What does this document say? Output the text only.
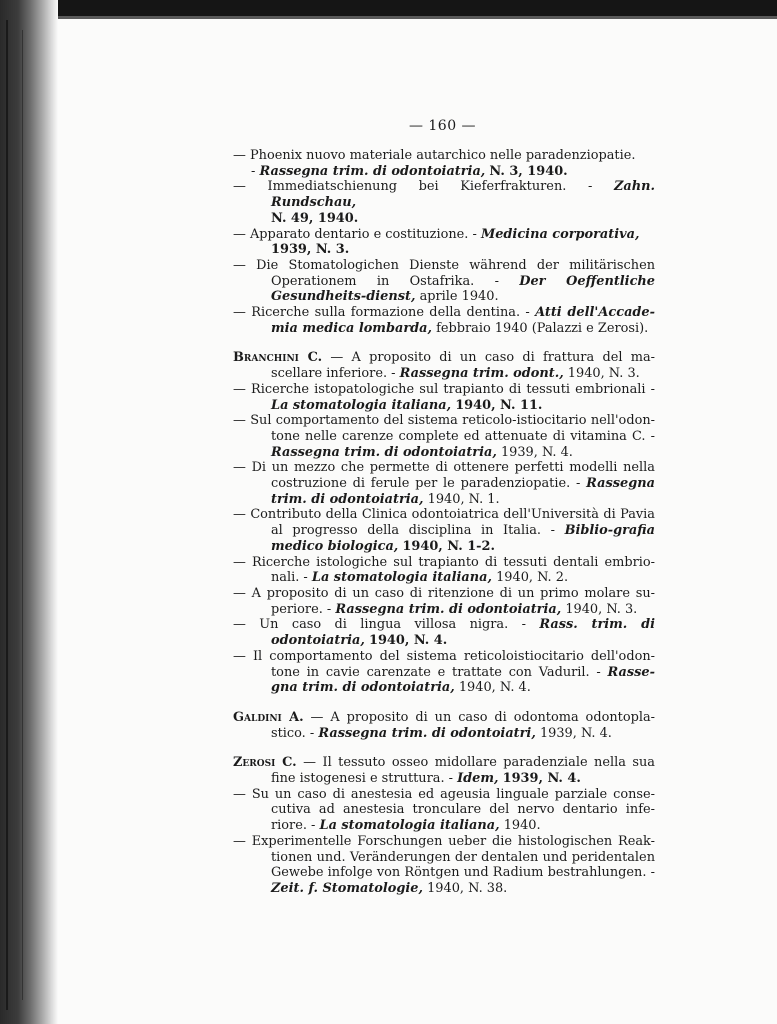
— 160 —
— Phoenix nuovo materiale autarchico nelle paradenziopatie.
- Rassegna trim. di odontoiatria, N. 3, 1940.
— Immediatschienung bei Kieferfrakturen. - Zahn. Rundschau,
N. 49, 1940.
— Apparato dentario e costituzione. - Medicina corporativa,
1939, N. 3.
— Die Stomatologichen Dienste während der militärischen Operationem in Ostafrika. - Der Oeffentliche Gesundheits-dienst, aprile 1940.
— Ricerche sulla formazione della dentina. - Atti dell'Accade-mia medica lombarda, febbraio 1940 (Palazzi e Zerosi).
Branchini C. — A proposito di un caso di frattura del ma-scellare inferiore. - Rassegna trim. odont., 1940, N. 3.
— Ricerche istopatologiche sul trapianto di tessuti embrionali - La stomatologia italiana, 1940, N. 11.
— Sul comportamento del sistema reticolo-istiocitario nell'odon-tone nelle carenze complete ed attenuate di vitamina C. - Rassegna trim. di odontoiatria, 1939, N. 4.
— Di un mezzo che permette di ottenere perfetti modelli nella costruzione di ferule per le paradenziopatie. - Rassegna trim. di odontoiatria, 1940, N. 1.
— Contributo della Clinica odontoiatrica dell'Università di Pavia al progresso della disciplina in Italia. - Biblio-grafia medico biologica, 1940, N. 1-2.
— Ricerche istologiche sul trapianto di tessuti dentali embrio-nali. - La stomatologia italiana, 1940, N. 2.
— A proposito di un caso di ritenzione di un primo molare su-periore. - Rassegna trim. di odontoiatria, 1940, N. 3.
— Un caso di lingua villosa nigra. - Rass. trim. di odontoiatria, 1940, N. 4.
— Il comportamento del sistema reticoloistiocitario dell'odon-tone in cavie carenzate e trattate con Vaduril. - Rasse-gna trim. di odontoiatria, 1940, N. 4.
Galdini A. — A proposito di un caso di odontoma odontopla-stico. - Rassegna trim. di odontoiatri, 1939, N. 4.
Zerosi C. — Il tessuto osseo midollare paradenziale nella sua fine istogenesi e struttura. - Idem, 1939, N. 4.
— Su un caso di anestesia ed ageusia linguale parziale conse-cutiva ad anestesia tronculare del nervo dentario infe-riore. - La stomatologia italiana, 1940.
— Experimentelle Forschungen ueber die histologischen Reak-tionen und. Veränderungen der dentalen und peridentalen Gewebe infolge von Röntgen und Radium bestrahlungen. - Zeit. f. Stomatologie, 1940, N. 38.
